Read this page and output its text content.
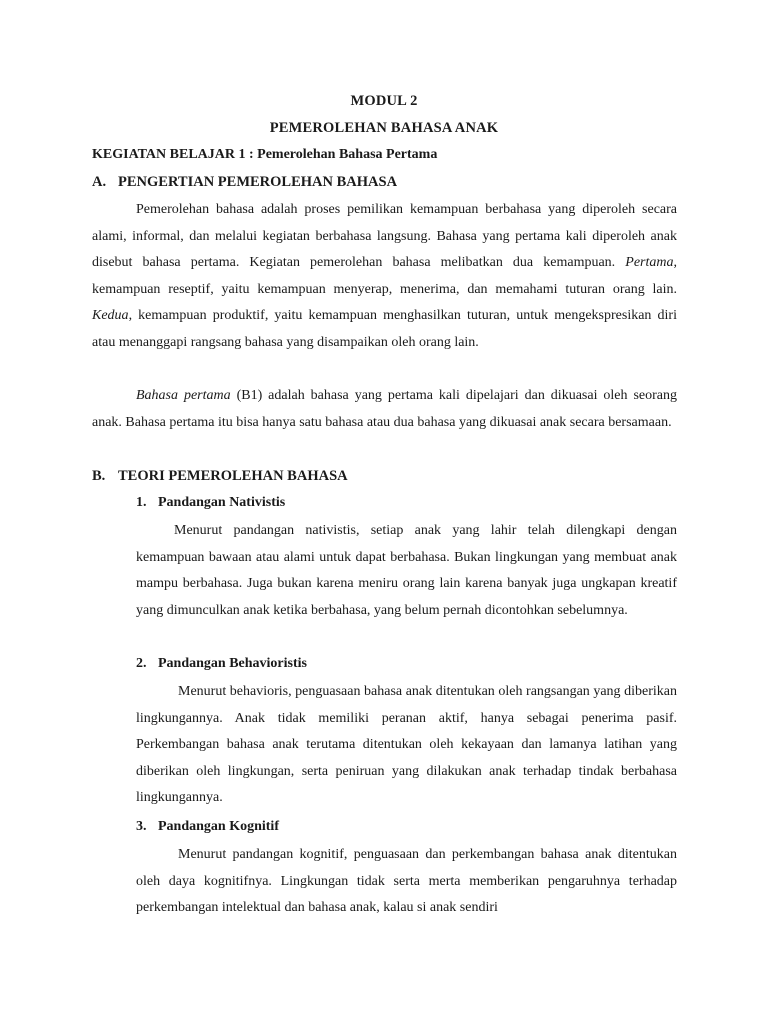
MODUL 2
PEMEROLEHAN BAHASA ANAK
KEGIATAN BELAJAR 1 : Pemerolehan Bahasa Pertama
A. PENGERTIAN PEMEROLEHAN BAHASA

Pemerolehan bahasa adalah proses pemilikan kemampuan berbahasa yang diperoleh secara alami, informal, dan melalui kegiatan berbahasa langsung. Bahasa yang pertama kali diperoleh anak disebut bahasa pertama. Kegiatan pemerolehan bahasa melibatkan dua kemampuan. Pertama, kemampuan reseptif, yaitu kemampuan menyerap, menerima, dan memahami tuturan orang lain. Kedua, kemampuan produktif, yaitu kemampuan menghasilkan tuturan, untuk mengekspresikan diri atau menanggapi rangsang bahasa yang disampaikan oleh orang lain.

Bahasa pertama (B1) adalah bahasa yang pertama kali dipelajari dan dikuasai oleh seorang anak. Bahasa pertama itu bisa hanya satu bahasa atau dua bahasa yang dikuasai anak secara bersamaan.

B. TEORI PEMEROLEHAN BAHASA
1. Pandangan Nativistis

Menurut pandangan nativistis, setiap anak yang lahir telah dilengkapi dengan kemampuan bawaan atau alami untuk dapat berbahasa. Bukan lingkungan yang membuat anak mampu berbahasa. Juga bukan karena meniru orang lain karena banyak juga ungkapan kreatif yang dimunculkan anak ketika berbahasa, yang belum pernah dicontohkan sebelumnya.

2. Pandangan Behavioristis

Menurut behavioris, penguasaan bahasa anak ditentukan oleh rangsangan yang diberikan lingkungannya. Anak tidak memiliki peranan aktif, hanya sebagai penerima pasif. Perkembangan bahasa anak terutama ditentukan oleh kekayaan dan lamanya latihan yang diberikan oleh lingkungan, serta peniruan yang dilakukan anak terhadap tindak berbahasa lingkungannya.

3. Pandangan Kognitif

Menurut pandangan kognitif, penguasaan dan perkembangan bahasa anak ditentukan oleh daya kognitifnya. Lingkungan tidak serta merta memberikan pengaruhnya terhadap perkembangan intelektual dan bahasa anak, kalau si anak sendiri
